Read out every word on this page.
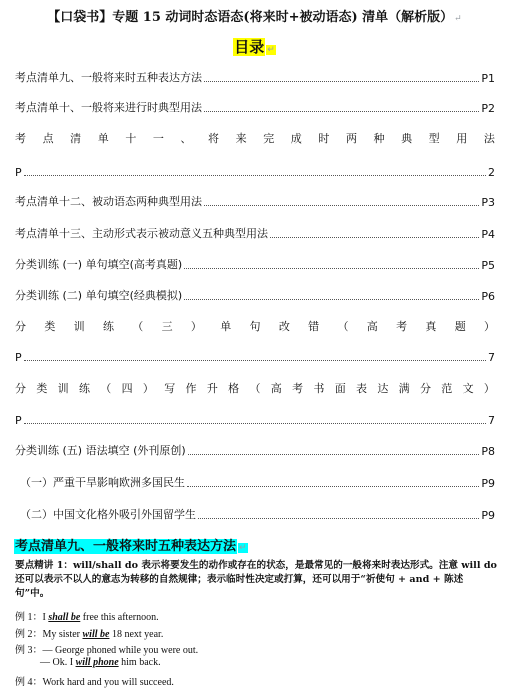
【口袋书】专题 15 动词时态语态(将来时+被动语态) 清单（解析版）↵
目录 ↵
考点清单九、一般将来时五种表达方法	P1
考点清单十、一般将来进行时典型用法	P2
考 点 清 单 十 一 、 将 来 完 成 时 两 种 典 型 用 法
P	2
考点清单十二、被动语态两种典型用法	P3
考点清单十三、主动形式表示被动意义五种典型用法	P4
分类训练 (一) 单句填空(高考真题)	P5
分类训练 (二) 单句填空(经典模拟)	P6
分 类 训 练 （ 三 ） 单 句 改 错 （ 高 考 真 题 ）
P	7
分 类 训 练 （ 四 ） 写 作 升 格 （ 高 考 书 面 表 达 满 分 范 文 ）
P	7
分类训练 (五) 语法填空 (外刊原创)	P8
（一）严重干旱影响欧洲多国民生	P9
（二）中国文化格外吸引外国留学生	P9
考点清单九、一般将来时五种表达方法 ↵
要点精讲 1：will/shall do 表示将要发生的动作或存在的状态，是最常见的一般将来时表达形式。注意 will do 还可以表示不以人的意志为转移的自然规律；表示临时性决定或打算，还可以用于“祈使句 + and + 陈述句”中。
例 1：I shall be free this afternoon.
例 2：My sister will be 18 next year.
例 3：— George phoned while you were out.
— Ok. I will phone him back.
例 4：Work hard and you will succeed.
